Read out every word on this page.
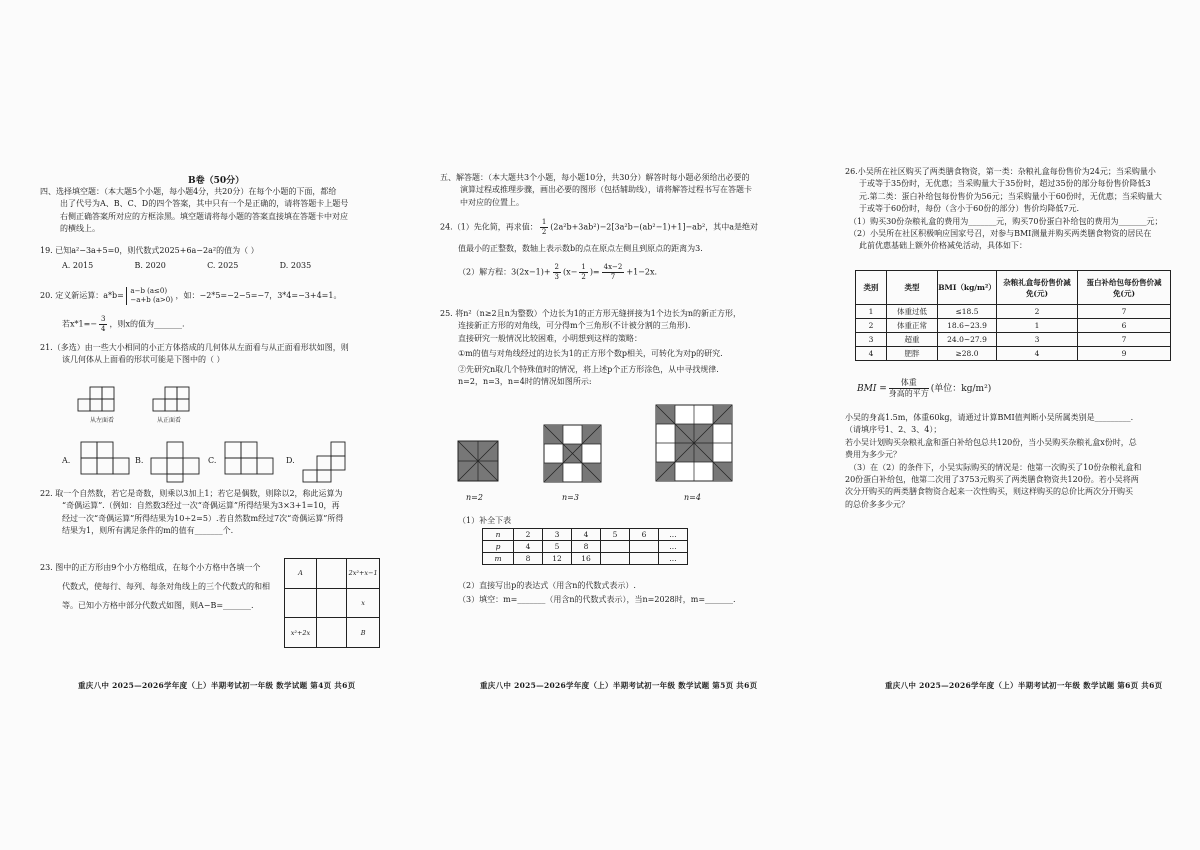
B卷（50分）
四、选择填空题：（本大题5个小题，每小题4分，共20分）在每个小题的下面，都给
出了代号为A、B、C、D的四个答案，其中只有一个是正确的，请将答题卡上题号
右侧正确答案所对应的方框涂黑。填空题请将每小题的答案直接填在答题卡中对应
的横线上。
19. 已知a²−3a+5=0，则代数式2025+6a−2a²的值为（ ）
A. 2015	B. 2020	C. 2025	D. 2035
20. 定义新运算：a*b= a−b (a≤0)
−a+b (a>0) ，如：−2*5=−2−5=−7，3*4=−3+4=1。
若$x*1=- \frac{3}{4}$ ，则x的值为_______.
21.（多选）由一些大小相同的小正方体搭成的几何体从左面看与从正面看形状如图，则
该几何体从上面看的形状可能是下图中的（ ）
从左面看	从正面看
A.	B.	C.	D.
22. 取一个自然数，若它是奇数，则乘以3加上1；若它是偶数，则除以2，称此运算为
“奇偶运算”.（例如：自然数3经过一次“奇偶运算”所得结果为3×3+1=10，再
经过一次“奇偶运算”所得结果为10÷2=5）.若自然数m经过7次“奇偶运算”所得
结果为1，则所有满足条件的m的值有_______个.
23. 图中的正方形由9个小方格组成，在每个小方格中各填一个
代数式，使每行、每列、每条对角线上的三个代数式的和相
等。已知小方格中部分代数式如图，则A−B=_______.
A		2x²+x−1
		x
x²+2x		B
重庆八中 2025—2026学年度（上）半期考试初一年级 数学试题 第4页 共6页
五、解答题：（本大题共3个小题，每小题10分，共30分）解答时每小题必须给出必要的
演算过程或推理步骤，画出必要的图形（包括辅助线），请将解答过程书写在答题卡
中对应的位置上。
24.（1）先化简，再求值： $\frac{1}{2} (2a^2b+3ab^2)-2[3a^2b-(ab^2-1)+1]-ab^2$，其中a是绝对
值最小的正整数，数轴上表示数b的点在原点左侧且到原点的距离为3.
（2）解方程：$3(2x-1)+ \frac{2}{3} (x- \frac{1}{2}$ )= $\frac{4x-2}{7} +1-2x$.
25. 将n²（n≥2且n为整数）个边长为1的正方形无缝拼接为1个边长为n的新正方形，
连接新正方形的对角线，可分得m个三角形(不计被分割的三角形).
直接研究一般情况比较困难，小明想到这样的策略：
①m的值与对角线经过的边长为1的正方形个数p相关，可转化为对p的研究.
②先研究n取几个特殊值时的情况，将上述p个正方形涂色，从中寻找规律.
n=2，n=3，n=4时的情况如图所示:
n=2	n=3	n=4
（1）补全下表
n	2	3	4	5	6	...
p	4	5	8			...
m	8	12	16			...
（2）直接写出p的表达式（用含n的代数式表示）.
（3）填空：m=_______（用含n的代数式表示），当n=2028时，m=_______.
重庆八中 2025—2026学年度（上）半期考试初一年级 数学试题 第5页 共6页
26.小吴所在社区购买了两类膳食物资，第一类：杂粮礼盒每份售价为24元；当采购量小
于或等于35份时，无优惠；当采购量大于35份时，超过35份的部分每份售价降低3
元.第二类：蛋白补给包每份售价为56元；当采购量小于60份时，无优惠；当采购量大
于或等于60份时，每份（含小于60份的部分）售价均降低7元.
（1）购买30份杂粮礼盒的费用为_______元，购买70份蛋白补给包的费用为_______元；
（2）小吴所在社区积极响应国家号召，对参与BMI测量并购买两类膳食物资的居民在
此前优惠基础上额外价格减免活动，具体如下：
类别	类型	BMI（kg/m²）	杂粮礼盒每份售价减免(元)	蛋白补给包每份售价减免(元)
1	体重过低	≤18.5	2	7
2	体重正常	18.6~23.9	1	6
3	超重	24.0~27.9	3	7
4	肥胖	≥28.0	4	9
BMI = $\frac{\text{体重}}{\text{身高的平方}}$ (单位：kg/m²)
小吴的身高1.5m，体重60kg，请通过计算BMI值判断小吴所属类别是_________.
（请填序号1、2、3、4）；
若小吴计划购买杂粮礼盒和蛋白补给包总共120份，当小吴购买杂粮礼盒x份时，总
费用为多少元？
（3）在（2）的条件下，小吴实际购买的情况是：他第一次购买了10份杂粮礼盒和
20份蛋白补给包，他第二次用了3753元购买了两类膳食物资共120份。若小吴将两
次分开购买的两类膳食物资合起来一次性购买，则这样购买的总价比两次分开购买
的总价多多少元？
重庆八中 2025—2026学年度（上）半期考试初一年级 数学试题 第6页 共6页
